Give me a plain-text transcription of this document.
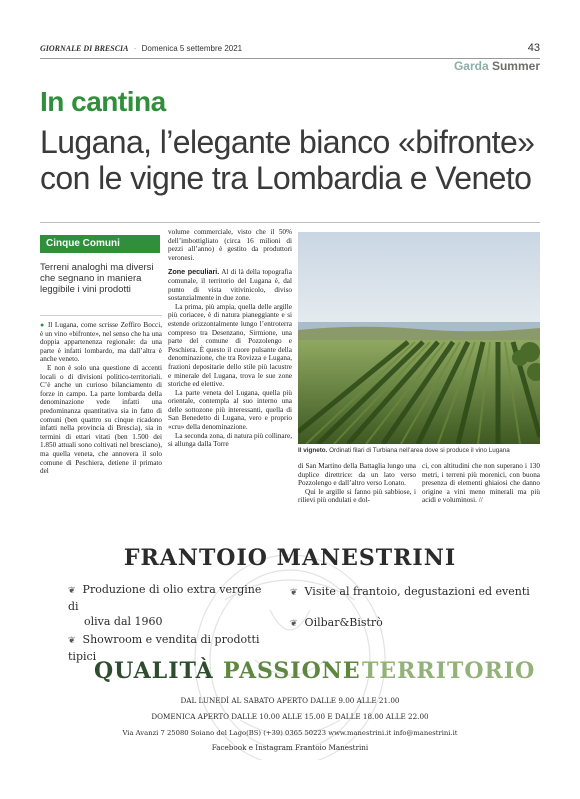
GIORNALE DI BRESCIA · Domenica 5 settembre 2021	43
Garda Summer
In cantina
Lugana, l’elegante bianco «bifronte»
con le vigne tra Lombardia e Veneto
Cinque Comuni
Terreni analoghi ma diversi che segnano in maniera leggibile i vini prodotti

● Il Lugana, come scrisse Zeffiro Bocci, è un vino «bifronte», nel senso che ha una doppia appartenenza regionale: da una parte è infatti lombardo, ma dall’altra è anche veneto.

E non è solo una questione di accenti locali o di divisioni politico-territoriali. C’è anche un curioso bilanciamento di forze in campo. La parte lombarda della denominazione vede infatti una predominanza quantitativa sia in fatto di comuni (ben quattro su cinque ricadono infatti nella provincia di Brescia), sia in termini di ettari vitati (ben 1.500 dei 1.850 attuali sono coltivati nel bresciano), ma quella veneta, che annovera il solo comune di Peschiera, detiene il primato del

volume commerciale, visto che il 50% dell’imbottigliato (circa 16 milioni di pezzi all’anno) è gestito da produttori veronesi.

Zone peculiari. Al di là della topografia comunale, il territorio del Lugana è, dal punto di vista vitivinicolo, diviso sostanzialmente in due zone.

La prima, più ampia, quella delle argille più coriacee, è di natura pianeggiante e si estende orizzontalmente lungo l’entroterra compreso tra Desenzano, Sirmione, una parte del comune di Pozzolengo e Peschiera. È questo il cuore pulsante della denominazione, che tra Rovizza e Lugana, frazioni depositarie dello stile più lacustre e minerale del Lugana, trova le sue zone storiche ed elettive.

La parte veneta del Lugana, quella più orientale, contempla al suo interno una delle sottozone più interessanti, quella di San Benedetto di Lugana, vero e proprio «cru» della denominazione.

La seconda zona, di natura più collinare, si allunga dalla Torre

Il vigneto. Ordinati filari di Turbiana nell’area dove si produce il vino Lugana

di San Martino della Battaglia lungo una duplice direttrice: da un lato verso Pozzolengo e dall’altro verso Lonato.

Qui le argille si fanno più sabbiose, i rilievi più ondulati e dol-

ci, con altitudini che non superano i 130 metri, i terreni più morenici, con buona presenza di elementi ghiaiosi che danno origine a vini meno minerali ma più acidi e voluminosi. //

FRANTOIO MANESTRINI
❦ Produzione di olio extra vergine di
oliva dal 1960
❦ Visite al frantoio, degustazioni ed eventi
❦ Showroom e vendita di prodotti tipici
❦ Oilbar&Bistrò
QUALITÀ PASSIONE TERRITORIO
DAL LUNEDÌ AL SABATO APERTO DALLE 9.00 ALLE 21.00
DOMENICA APERTO DALLE 10.00 ALLE 15.00 E DALLE 18.00 ALLE 22.00
Via Avanzi 7 25080 Soiano del Lago(BS) (+39) 0365 50223 www.manestrini.it info@manestrini.it
Facebook e Instagram Frantoio Manestrini
